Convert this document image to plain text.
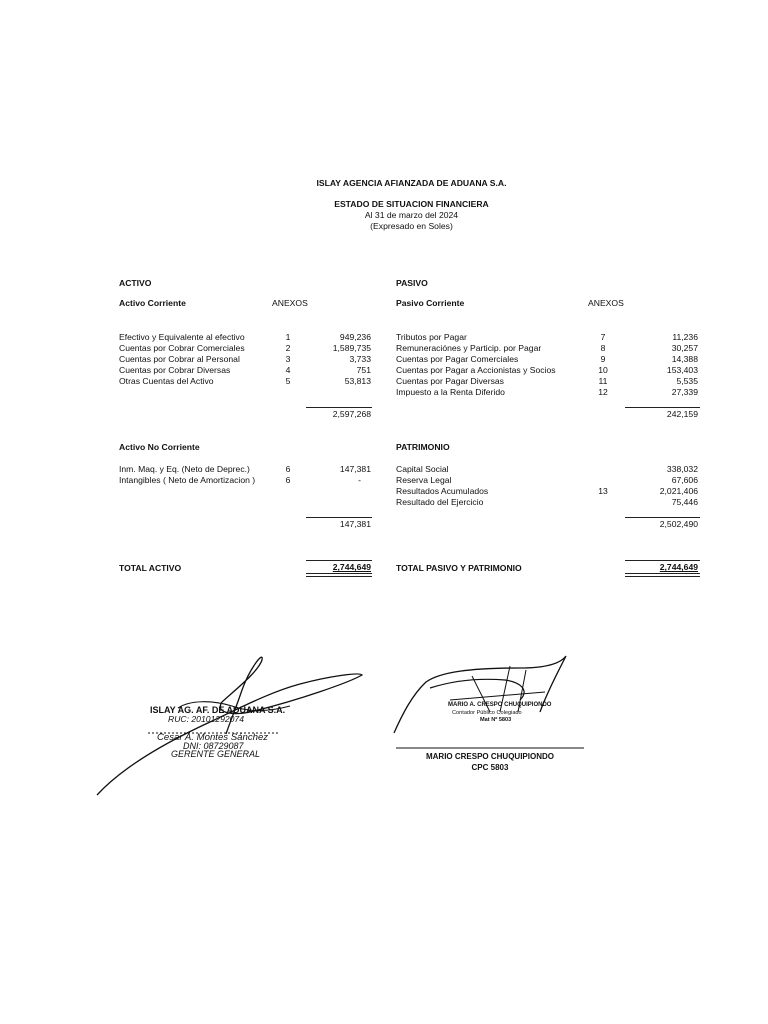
ISLAY AGENCIA AFIANZADA DE ADUANA S.A.
ESTADO DE SITUACION FINANCIERA
Al 31 de marzo del 2024
(Expresado en Soles)
ACTIVO
Activo Corriente	ANEXOS
Efectivo y Equivalente al efectivo	1	949,236
Cuentas por Cobrar Comerciales	2	1,589,735
Cuentas por Cobrar al Personal	3	3,733
Cuentas por Cobrar Diversas	4	751
Otras Cuentas del Activo	5	53,813
2,597,268
Activo No Corriente
Inm. Maq. y Eq. (Neto de Deprec.)	6	147,381
Intangibles ( Neto de Amortizacion )	6	-
147,381
TOTAL ACTIVO	2,744,649
PASIVO
Pasivo Corriente	ANEXOS
Tributos por Pagar	7	11,236
Remuneraciónes y Particip. por Pagar	8	30,257
Cuentas por Pagar Comerciales	9	14,388
Cuentas por Pagar a Accionistas y Socios	10	153,403
Cuentas por Pagar Diversas	11	5,535
Impuesto a la Renta Diferido	12	27,339
242,159
PATRIMONIO
Capital Social	338,032
Reserva Legal	67,606
Resultados Acumulados	13	2,021,406
Resultado del Ejercicio	75,446
2,502,490
TOTAL PASIVO Y PATRIMONIO	2,744,649
ISLAY AG. AF. DE ADUANA S.A.
RUC: 20101292074
Cesar A. Montes Sánchez
DNI: 08729087
GERENTE GENERAL
MARIO A. CRESPO CHUQUIPIONDO
Contador Público Colegiado
Mat Nº 5803
MARIO CRESPO CHUQUIPIONDO
CPC 5803
